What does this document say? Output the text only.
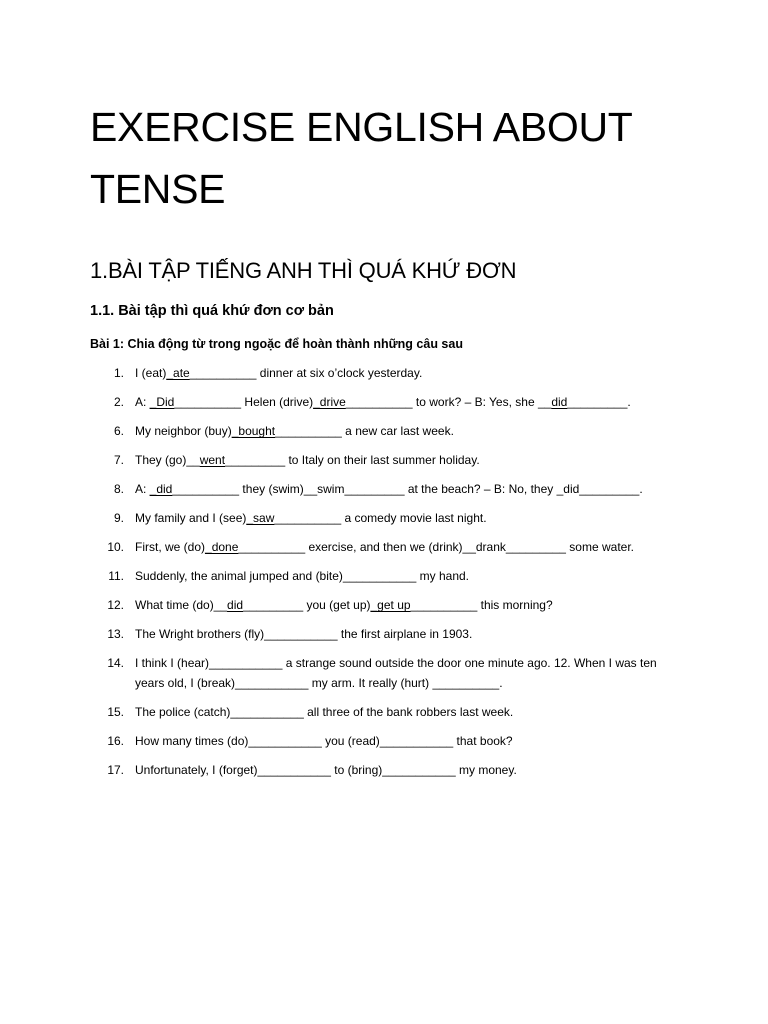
EXERCISE ENGLISH ABOUT TENSE
1.BÀI TẬP TIẾNG ANH THÌ QUÁ KHỨ ĐƠN
1.1. Bài tập thì quá khứ đơn cơ bản

Bài 1: Chia động từ trong ngoặc để hoàn thành những câu sau

1. I (eat)_ate__________ dinner at six o’clock yesterday.
2. A: _Did__________ Helen (drive)_drive__________ to work? – B: Yes, she __did_________.
6. My neighbor (buy)_bought__________ a new car last week.
7. They (go)__went_________ to Italy on their last summer holiday.
8. A: _did__________ they (swim)__swim_________ at the beach? – B: No, they _did_________.
9. My family and I (see)_saw__________ a comedy movie last night.
10. First, we (do)_done__________ exercise, and then we (drink)__drank_________ some water.
11. Suddenly, the animal jumped and (bite)___________ my hand.
12. What time (do)__did_________ you (get up)_get up__________ this morning?
13. The Wright brothers (fly)___________ the first airplane in 1903.
14. I think I (hear)___________ a strange sound outside the door one minute ago. 12. When I was ten years old, I (break)___________ my arm. It really (hurt) __________.
15. The police (catch)___________ all three of the bank robbers last week.
16. How many times (do)___________ you (read)___________ that book?
17. Unfortunately, I (forget)___________ to (bring)___________ my money.
